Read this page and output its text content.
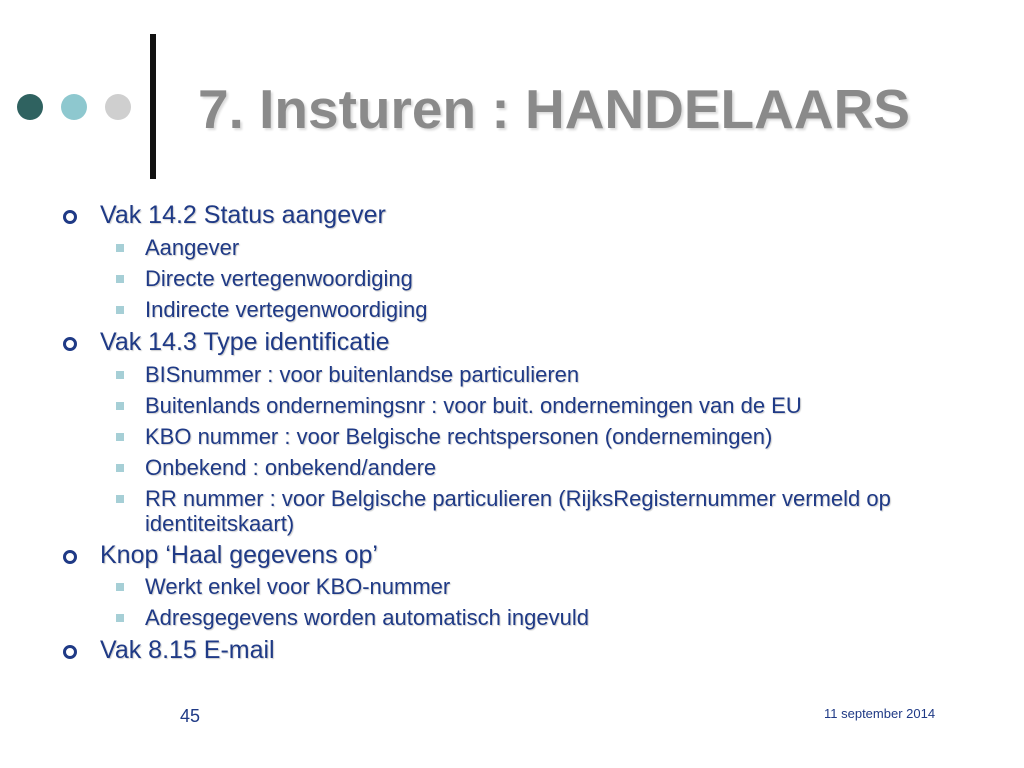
7. Insturen : HANDELAARS
Vak 14.2 Status aangever
Aangever
Directe vertegenwoordiging
Indirecte vertegenwoordiging
Vak 14.3 Type identificatie
BISnummer : voor buitenlandse particulieren
Buitenlands ondernemingsnr : voor buit. ondernemingen van de EU
KBO nummer : voor Belgische rechtspersonen (ondernemingen)
Onbekend : onbekend/andere
RR nummer : voor Belgische particulieren (RijksRegisternummer vermeld op identiteitskaart)
Knop ‘Haal gegevens op’
Werkt enkel voor KBO-nummer
Adresgegevens worden automatisch ingevuld
Vak 8.15 E-mail
45	11 september 2014
